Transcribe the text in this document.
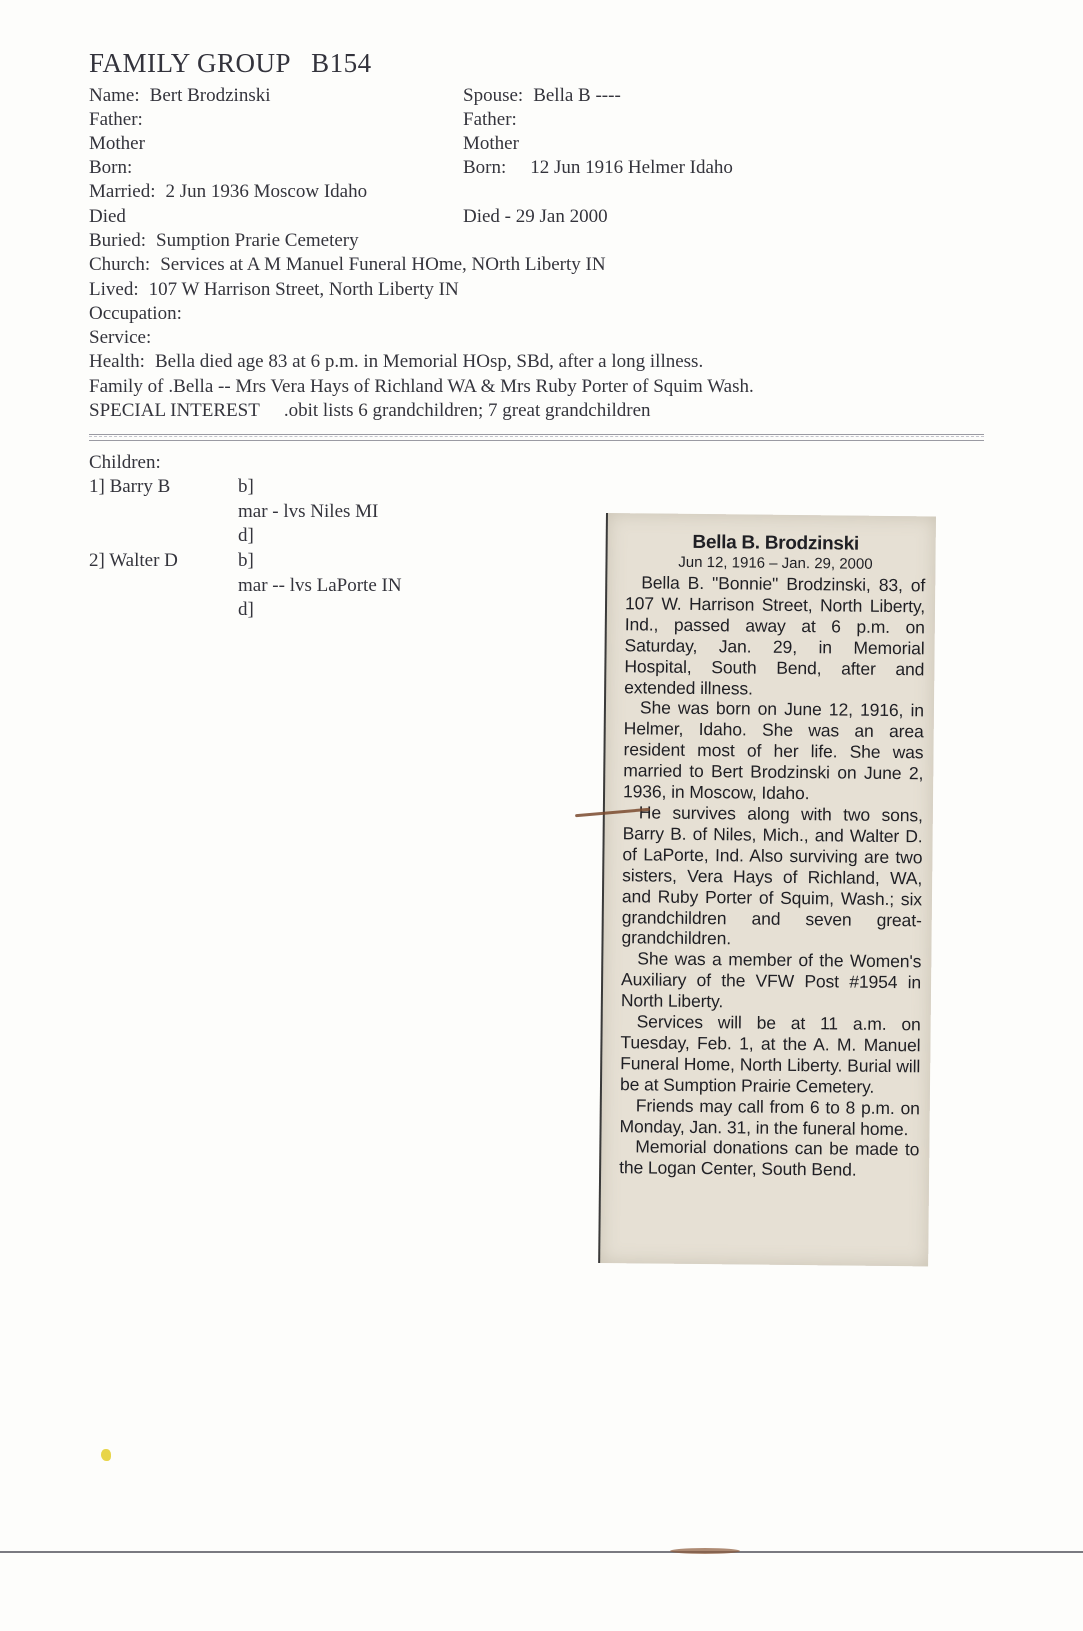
FAMILY GROUP B154
Name: Bert Brodzinski
Father:
Mother
Born:
Married: 2 Jun 1936 Moscow Idaho
Died
Buried: Sumption Prarie Cemetery
Church: Services at A M Manuel Funeral HOme, NOrth Liberty IN
Lived: 107 W Harrison Street, North Liberty IN
Occupation:
Service:
Health: Bella died age 83 at 6 p.m. in Memorial HOsp, SBd, after a long illness.
Family of .Bella -- Mrs Vera Hays of Richland WA & Mrs Ruby Porter of Squim Wash.
SPECIAL INTEREST .obit lists 6 grandchildren; 7 great grandchildren
Spouse: Bella B ----
Father:
Mother
Born: 12 Jun 1916 Helmer Idaho
Died - 29 Jan 2000
Children:
1] Barry B	b]
mar - lvs Niles MI
d]
2] Walter D	b]
mar -- lvs LaPorte IN
d]
Bella B. Brodzinski
Jun 12, 1916 – Jan. 29, 2000

Bella B. "Bonnie" Brodzinski, 83, of 107 W. Harrison Street, North Liberty, Ind., passed away at 6 p.m. on Saturday, Jan. 29, in Memorial Hospital, South Bend, after and extended illness.

She was born on June 12, 1916, in Helmer, Idaho. She was an area resident most of her life. She was married to Bert Brodzinski on June 2, 1936, in Moscow, Idaho.

He survives along with two sons, Barry B. of Niles, Mich., and Walter D. of LaPorte, Ind. Also surviving are two sisters, Vera Hays of Richland, WA, and Ruby Porter of Squim, Wash.; six grandchildren and seven great-grandchildren.

She was a member of the Women's Auxiliary of the VFW Post #1954 in North Liberty.

Services will be at 11 a.m. on Tuesday, Feb. 1, at the A. M. Manuel Funeral Home, North Liberty. Burial will be at Sumption Prairie Cemetery.

Friends may call from 6 to 8 p.m. on Monday, Jan. 31, in the funeral home.

Memorial donations can be made to the Logan Center, South Bend.
